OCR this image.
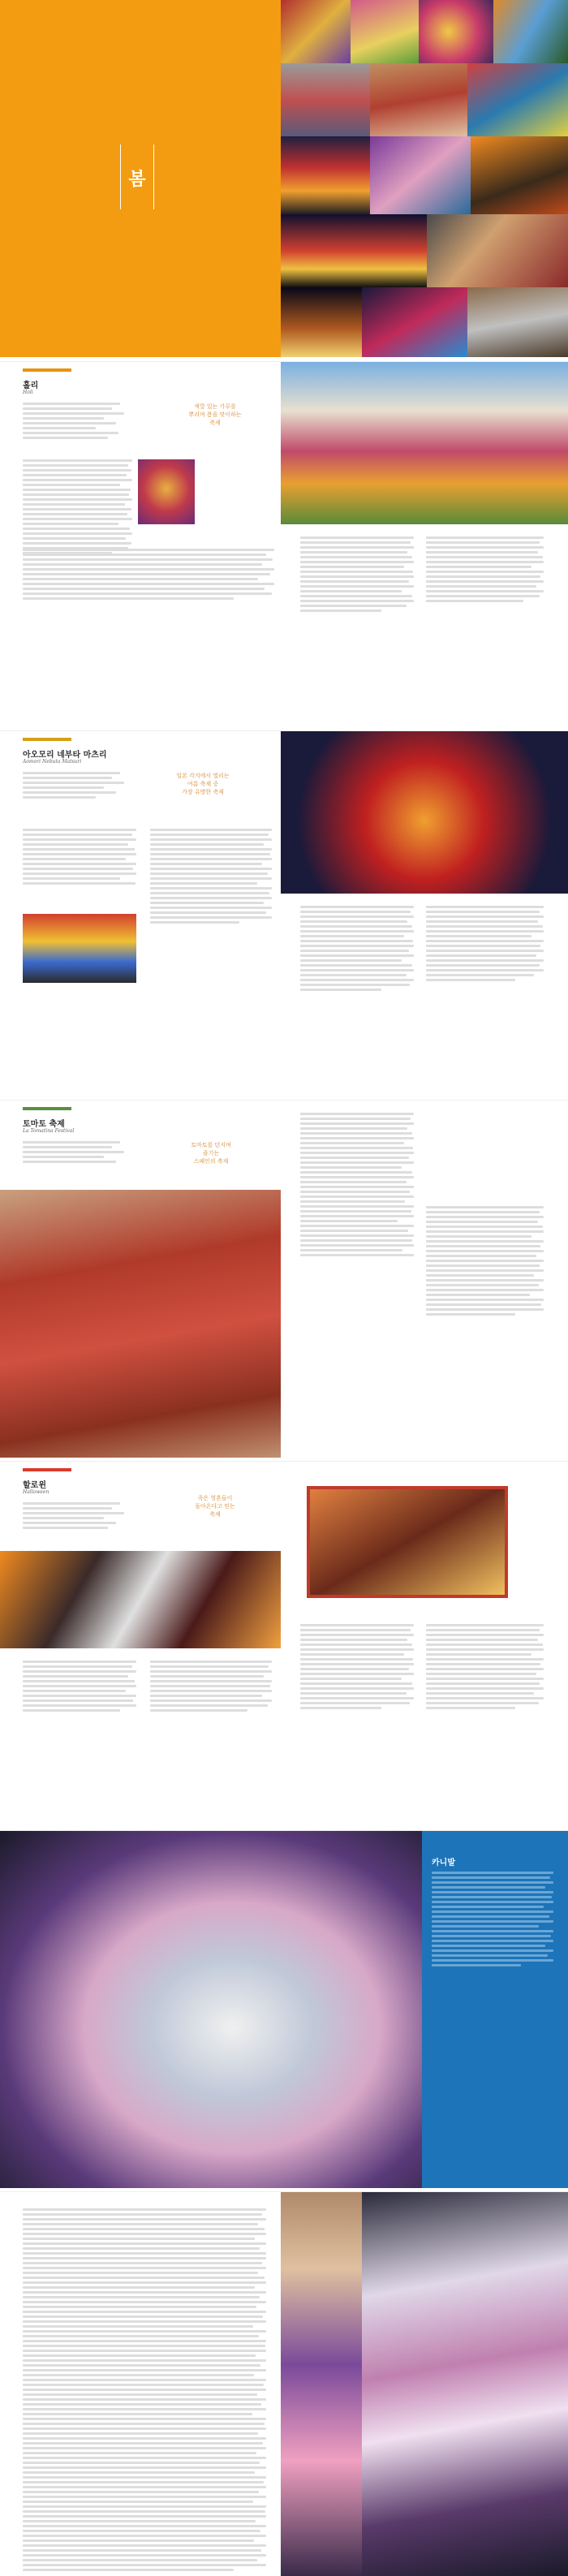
봄
홀리
Holi
색깔 있는 가루를
뿌리며 봄을 맞이하는
축제
아오모리 네부타 마츠리
Aomori Nebuta Matsuri
일본 각지에서 열리는
여름 축제 중
가장 유명한 축제
토마토 축제
La Tomatina Festival
토마토를 던지며
즐기는
스페인의 축제
할로윈
Halloween
죽은 영혼들이
돌아온다고 믿는
축제
카니발
